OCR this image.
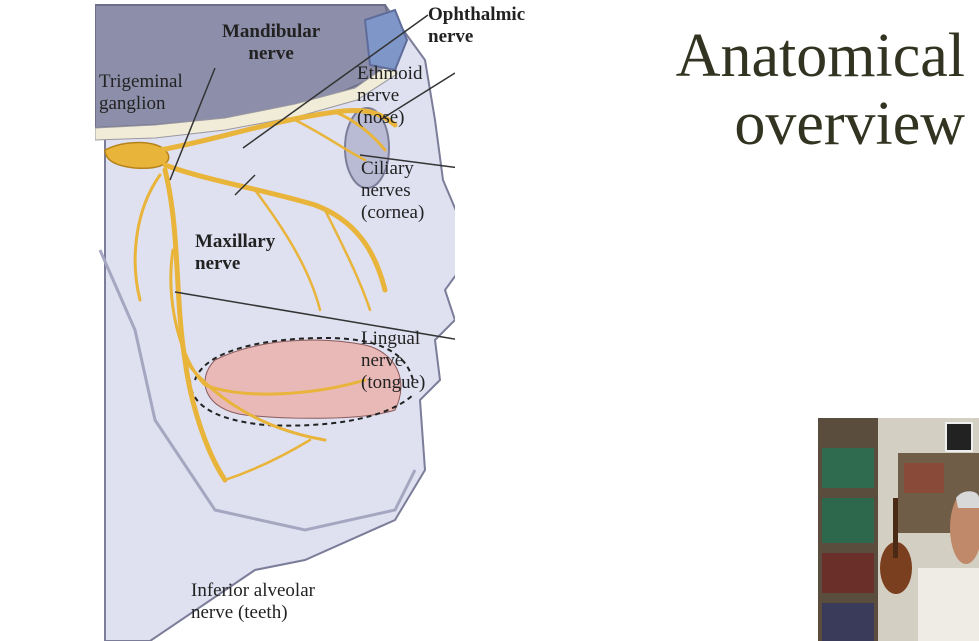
Mandibular
nerve
Ophthalmic
nerve
Trigeminal
ganglion
Ethmoid
nerve
(nose)
Ciliary
nerves
(cornea)
Maxillary
nerve
Lingual
nerve
(tongue)
Inferior alveolar
nerve (teeth)
Anatomical
overview
